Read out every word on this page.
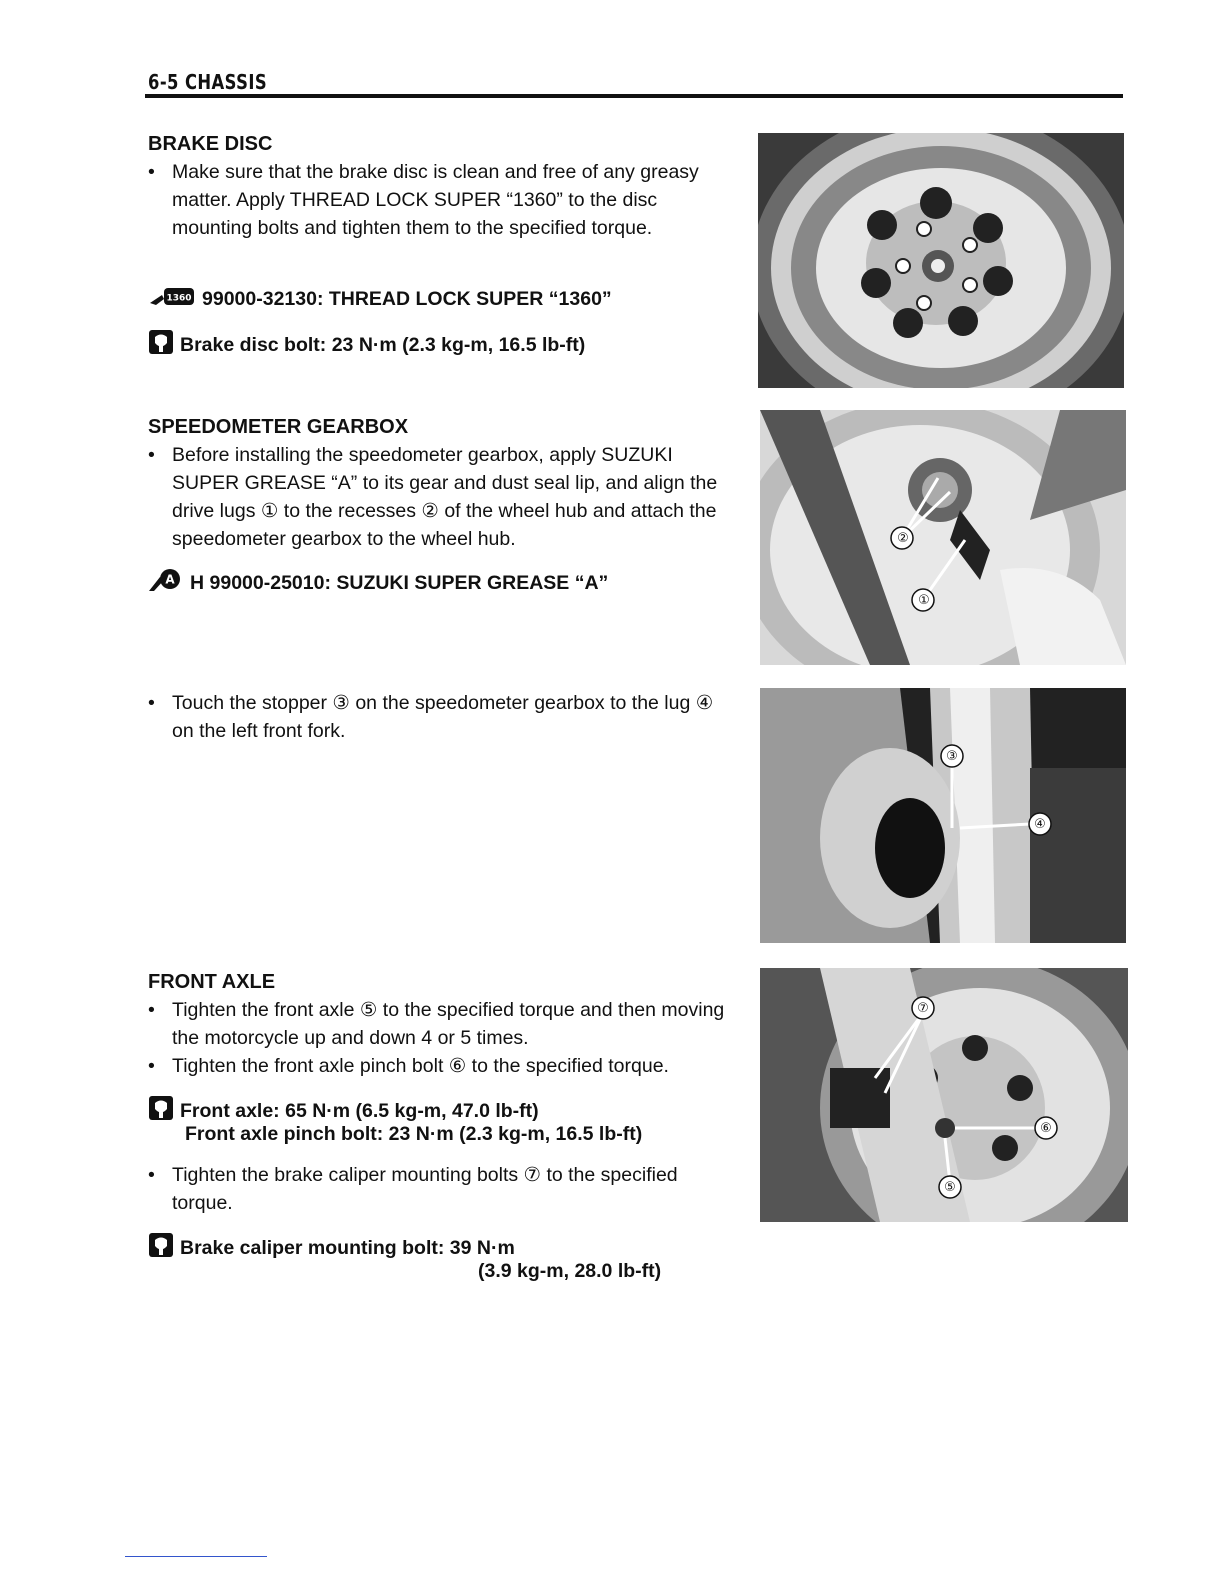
6-5 CHASSIS
BRAKE DISC
• Make sure that the brake disc is clean and free of any greasy matter. Apply THREAD LOCK SUPER “1360” to the disc mounting bolts and tighten them to the specified torque.
1360 99000-32130: THREAD LOCK SUPER “1360”
Brake disc bolt: 23 N·m (2.3 kg-m, 16.5 lb-ft)
SPEEDOMETER GEARBOX
• Before installing the speedometer gearbox, apply SUZUKI SUPER GREASE “A” to its gear and dust seal lip, and align the drive lugs ① to the recesses ② of the wheel hub and attach the speedometer gearbox to the wheel hub.
A H 99000-25010: SUZUKI SUPER GREASE “A”
• Touch the stopper ③ on the speedometer gearbox to the lug ④ on the left front fork.
FRONT AXLE
• Tighten the front axle ⑤ to the specified torque and then moving the motorcycle up and down 4 or 5 times.
• Tighten the front axle pinch bolt ⑥ to the specified torque.
Front axle: 65 N·m (6.5 kg-m, 47.0 lb-ft)
Front axle pinch bolt: 23 N·m (2.3 kg-m, 16.5 lb-ft)
• Tighten the brake caliper mounting bolts ⑦ to the specified torque.
Brake caliper mounting bolt: 39 N·m
(3.9 kg-m, 28.0 lb-ft)
②
①
③
④
⑦
⑥
⑤
